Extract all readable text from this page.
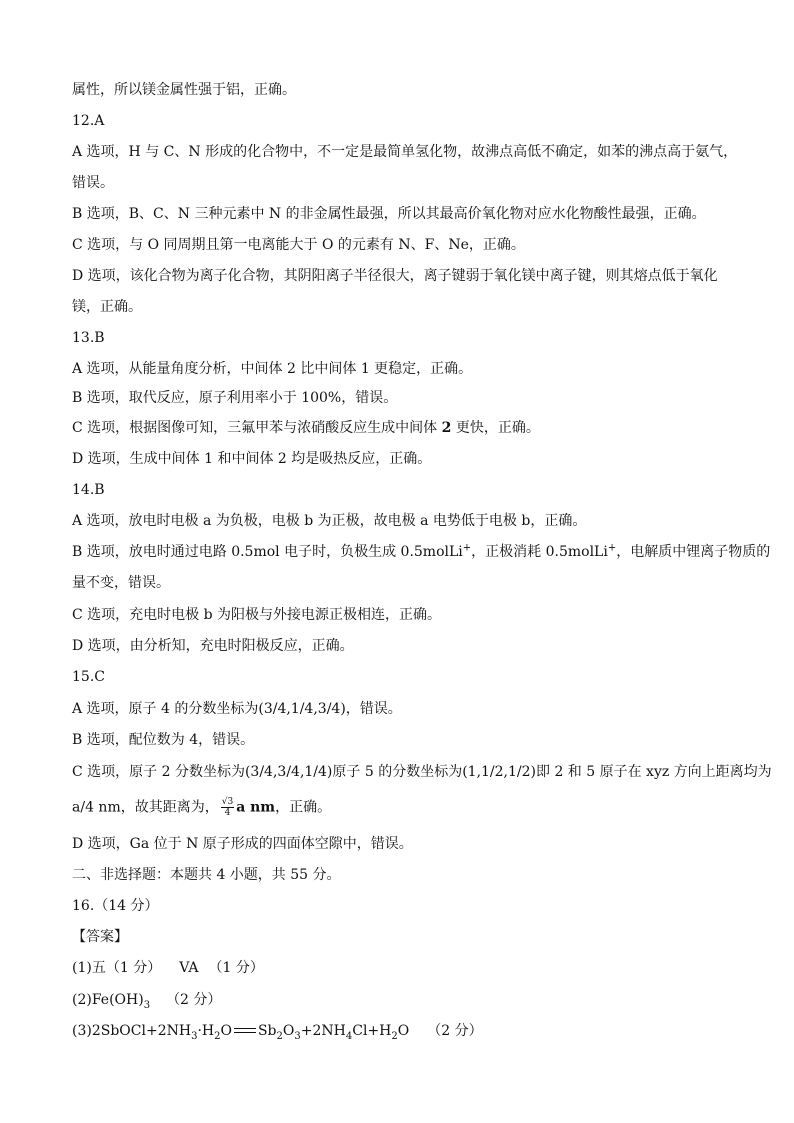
属性，所以镁金属性强于铝，正确。
12.A
A 选项，H 与 C、N 形成的化合物中，不一定是最简单氢化物，故沸点高低不确定，如苯的沸点高于氨气，
错误。
B 选项，B、C、N 三种元素中 N 的非金属性最强，所以其最高价氧化物对应水化物酸性最强，正确。
C 选项，与 O 同周期且第一电离能大于 O 的元素有 N、F、Ne，正确。
D 选项，该化合物为离子化合物，其阴阳离子半径很大，离子键弱于氧化镁中离子键，则其熔点低于氧化
镁，正确。
13.B
A 选项，从能量角度分析，中间体 2 比中间体 1 更稳定，正确。
B 选项，取代反应，原子利用率小于 100%，错误。
C 选项，根据图像可知，三氟甲苯与浓硝酸反应生成中间体 2 更快，正确。
D 选项，生成中间体 1 和中间体 2 均是吸热反应，正确。
14.B
A 选项，放电时电极 a 为负极，电极 b 为正极，故电极 a 电势低于电极 b，正确。
B 选项，放电时通过电路 0.5mol 电子时，负极生成 0.5molLi+，正极消耗 0.5molLi+，电解质中锂离子物质的
量不变，错误。
C 选项，充电时电极 b 为阳极与外接电源正极相连，正确。
D 选项，由分析知，充电时阳极反应，正确。
15.C
A 选项，原子 4 的分数坐标为(3/4,1/4,3/4)，错误。
B 选项，配位数为 4，错误。
C 选项，原子 2 分数坐标为(3/4,3/4,1/4)原子 5 的分数坐标为(1,1/2,1/2)即 2 和 5 原子在 xyz 方向上距离均为
a/4 nm，故其距离为， $\frac{√3}{4}$ a nm，正确。
D 选项，Ga 位于 N 原子形成的四面体空隙中，错误。
二、非选择题：本题共 4 小题，共 55 分。
16.（14 分）
【答案】
(1)五（1 分） VA （1 分）
$(2)Fe(OH)_3$ （2 分）
$(3)2SbOCl+2NH_3\cdot H_2O$ $Sb_2O_3+2NH_4Cl+H_2O$ （2 分）
